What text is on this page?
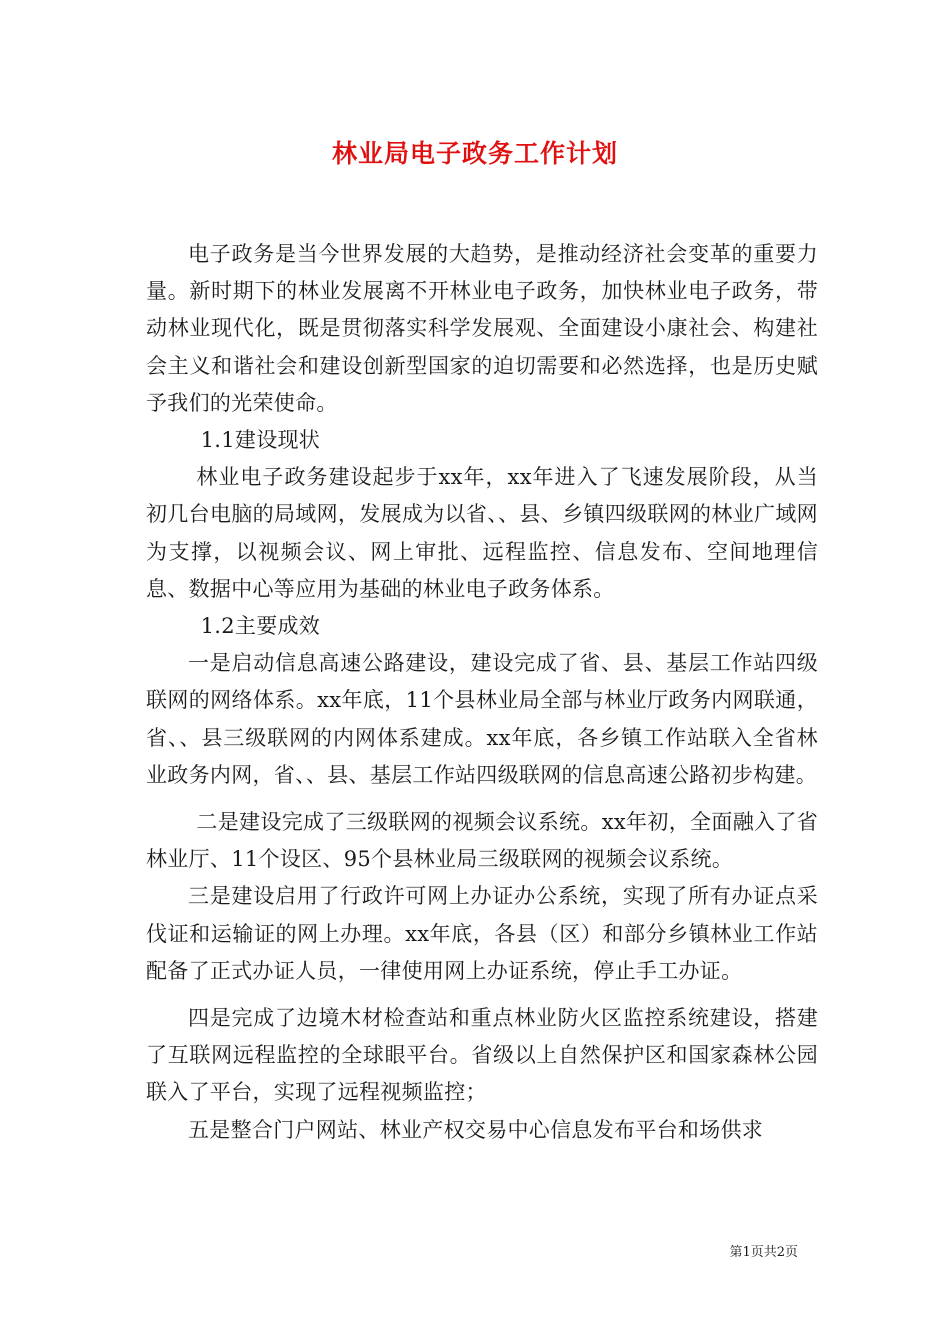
林业局电子政务工作计划

电子政务是当今世界发展的大趋势，是推动经济社会变革的重要力量。新时期下的林业发展离不开林业电子政务，加快林业电子政务，带动林业现代化，既是贯彻落实科学发展观、全面建设小康社会、构建社会主义和谐社会和建设创新型国家的迫切需要和必然选择，也是历史赋予我们的光荣使命。

1.1建设现状

林业电子政务建设起步于xx年，xx年进入了飞速发展阶段，从当初几台电脑的局域网，发展成为以省、、县、乡镇四级联网的林业广域网为支撑，以视频会议、网上审批、远程监控、信息发布、空间地理信息、数据中心等应用为基础的林业电子政务体系。

1.2主要成效

一是启动信息高速公路建设，建设完成了省、县、基层工作站四级联网的网络体系。xx年底，11个县林业局全部与林业厅政务内网联通，省、、县三级联网的内网体系建成。xx年底，各乡镇工作站联入全省林业政务内网，省、、县、基层工作站四级联网的信息高速公路初步构建。

二是建设完成了三级联网的视频会议系统。xx年初，全面融入了省林业厅、11个设区、95个县林业局三级联网的视频会议系统。

三是建设启用了行政许可网上办证办公系统，实现了所有办证点采伐证和运输证的网上办理。xx年底，各县（区）和部分乡镇林业工作站配备了正式办证人员，一律使用网上办证系统，停止手工办证。

四是完成了边境木材检查站和重点林业防火区监控系统建设，搭建了互联网远程监控的全球眼平台。省级以上自然保护区和国家森林公园联入了平台，实现了远程视频监控；

五是整合门户网站、林业产权交易中心信息发布平台和场供求

第1页共2页
